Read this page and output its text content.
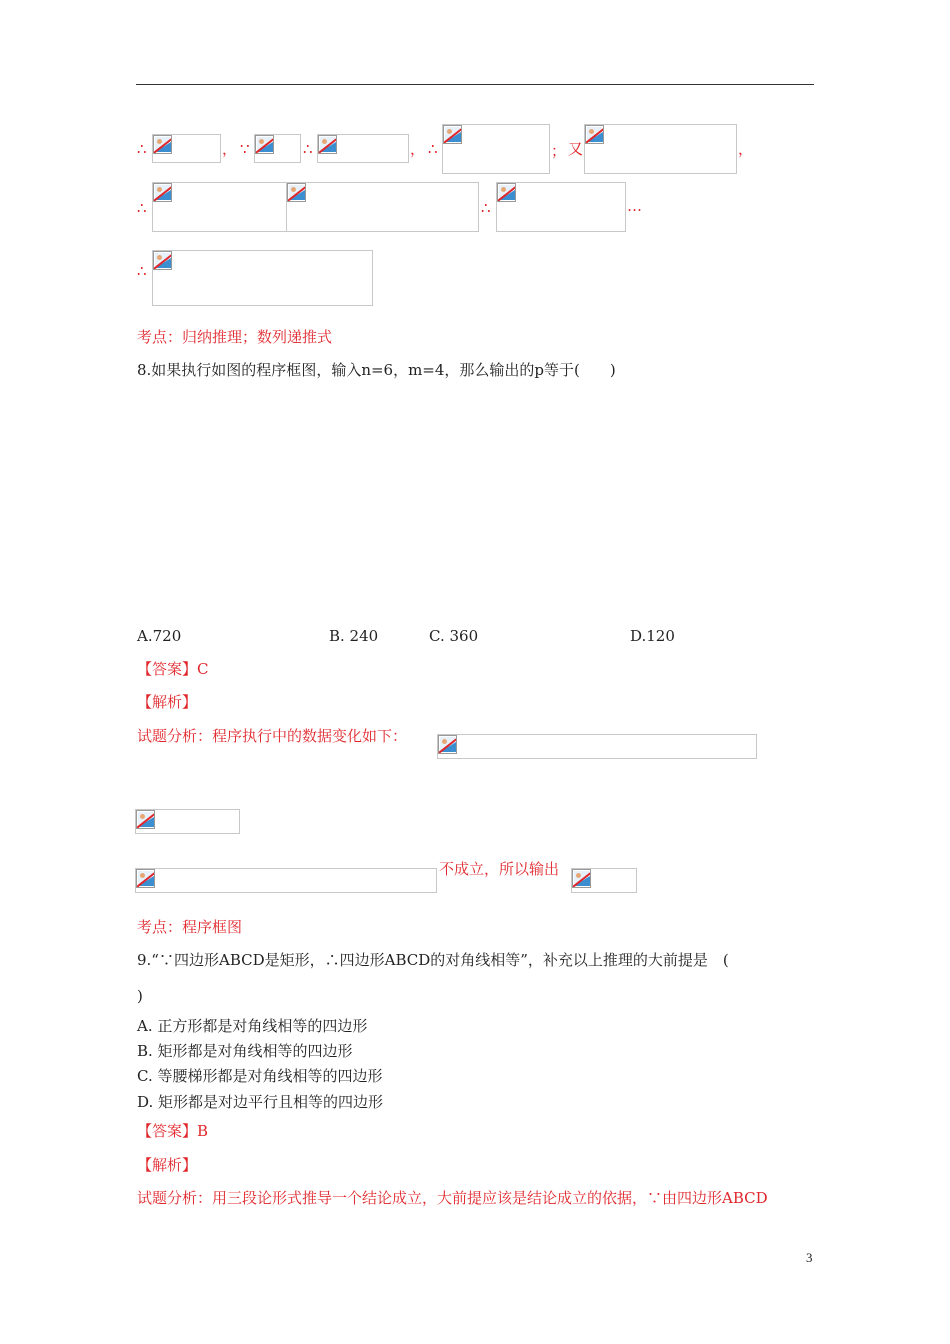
∴	， ∵	∴	， ∴	； 又	，
∴	∴	…
∴
考点：归纳推理；数列递推式
8.如果执行如图的程序框图，输入n=6，m=4，那么输出的p等于(　　)
A.720	B. 240	C. 360	D.120
【答案】C
【解析】
试题分析：程序执行中的数据变化如下：
不成立，所以输出
考点：程序框图
9.“∵四边形ABCD是矩形，∴四边形ABCD的对角线相等”，补充以上推理的大前提是　(
)
A. 正方形都是对角线相等的四边形
B. 矩形都是对角线相等的四边形
C. 等腰梯形都是对角线相等的四边形
D. 矩形都是对边平行且相等的四边形
【答案】B
【解析】
试题分析：用三段论形式推导一个结论成立，大前提应该是结论成立的依据，∵由四边形ABCD
3
